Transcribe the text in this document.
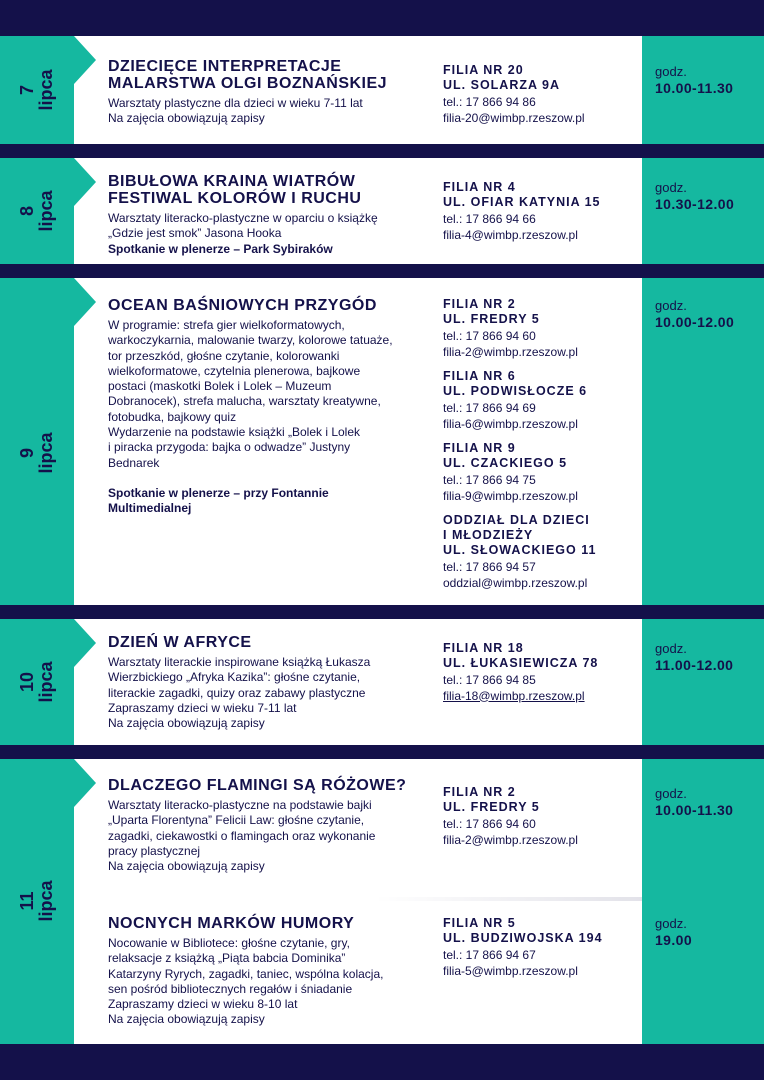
7 lipca
DZIECIĘCE INTERPRETACJE
MALARSTWA OLGI BOZNAŃSKIEJ

Warsztaty plastyczne dla dzieci w wieku 7-11 lat

Na zajęcia obowiązują zapisy

FILIA NR 20
UL. SOLARZA 9A
tel.: 17 866 94 86
filia-20@wimbp.rzeszow.pl
godz.
10.00-11.30
8 lipca
BIBUŁOWA KRAINA WIATRÓW
FESTIWAL KOLORÓW I RUCHU

Warsztaty literacko-plastyczne w oparciu o książkę

„Gdzie jest smok” Jasona Hooka

Spotkanie w plenerze – Park Sybiraków

FILIA NR 4
UL. OFIAR KATYNIA 15
tel.: 17 866 94 66
filia-4@wimbp.rzeszow.pl
godz.
10.30-12.00
9 lipca
OCEAN BAŚNIOWYCH PRZYGÓD

W programie: strefa gier wielkoformatowych,

warkoczykarnia, malowanie twarzy, kolorowe tatuaże,

tor przeszkód, głośne czytanie, kolorowanki

wielkoformatowe, czytelnia plenerowa, bajkowe

postaci (maskotki Bolek i Lolek – Muzeum

Dobranocek), strefa malucha, warsztaty kreatywne,

fotobudka, bajkowy quiz

Wydarzenie na podstawie książki „Bolek i Lolek

i piracka przygoda: bajka o odwadze” Justyny

Bednarek

Spotkanie w plenerze – przy Fontannie

Multimedialnej

FILIA NR 2
UL. FREDRY 5
tel.: 17 866 94 60
filia-2@wimbp.rzeszow.pl
FILIA NR 6
UL. PODWISŁOCZE 6
tel.: 17 866 94 69
filia-6@wimbp.rzeszow.pl
FILIA NR 9
UL. CZACKIEGO 5
tel.: 17 866 94 75
filia-9@wimbp.rzeszow.pl
ODDZIAŁ DLA DZIECI
I MŁODZIEŻY
UL. SŁOWACKIEGO 11
tel.: 17 866 94 57
oddzial@wimbp.rzeszow.pl
godz.
10.00-12.00
10 lipca
DZIEŃ W AFRYCE

Warsztaty literackie inspirowane książką Łukasza

Wierzbickiego „Afryka Kazika”: głośne czytanie,

literackie zagadki, quizy oraz zabawy plastyczne

Zapraszamy dzieci w wieku 7-11 lat

Na zajęcia obowiązują zapisy

FILIA NR 18
UL. ŁUKASIEWICZA 78
tel.: 17 866 94 85
filia-18@wimbp.rzeszow.pl
godz.
11.00-12.00
11 lipca
DLACZEGO FLAMINGI SĄ RÓŻOWE?

Warsztaty literacko-plastyczne na podstawie bajki

„Uparta Florentyna” Felicii Law: głośne czytanie,

zagadki, ciekawostki o flamingach oraz wykonanie

pracy plastycznej

Na zajęcia obowiązują zapisy

FILIA NR 2
UL. FREDRY 5
tel.: 17 866 94 60
filia-2@wimbp.rzeszow.pl
godz.
10.00-11.30
NOCNYCH MARKÓW HUMORY

Nocowanie w Bibliotece: głośne czytanie, gry,

relaksacje z książką „Piąta babcia Dominika”

Katarzyny Ryrych, zagadki, taniec, wspólna kolacja,

sen pośród bibliotecznych regałów i śniadanie

Zapraszamy dzieci w wieku 8-10 lat

Na zajęcia obowiązują zapisy

FILIA NR 5
UL. BUDZIWOJSKA 194
tel.: 17 866 94 67
filia-5@wimbp.rzeszow.pl
godz.
19.00
